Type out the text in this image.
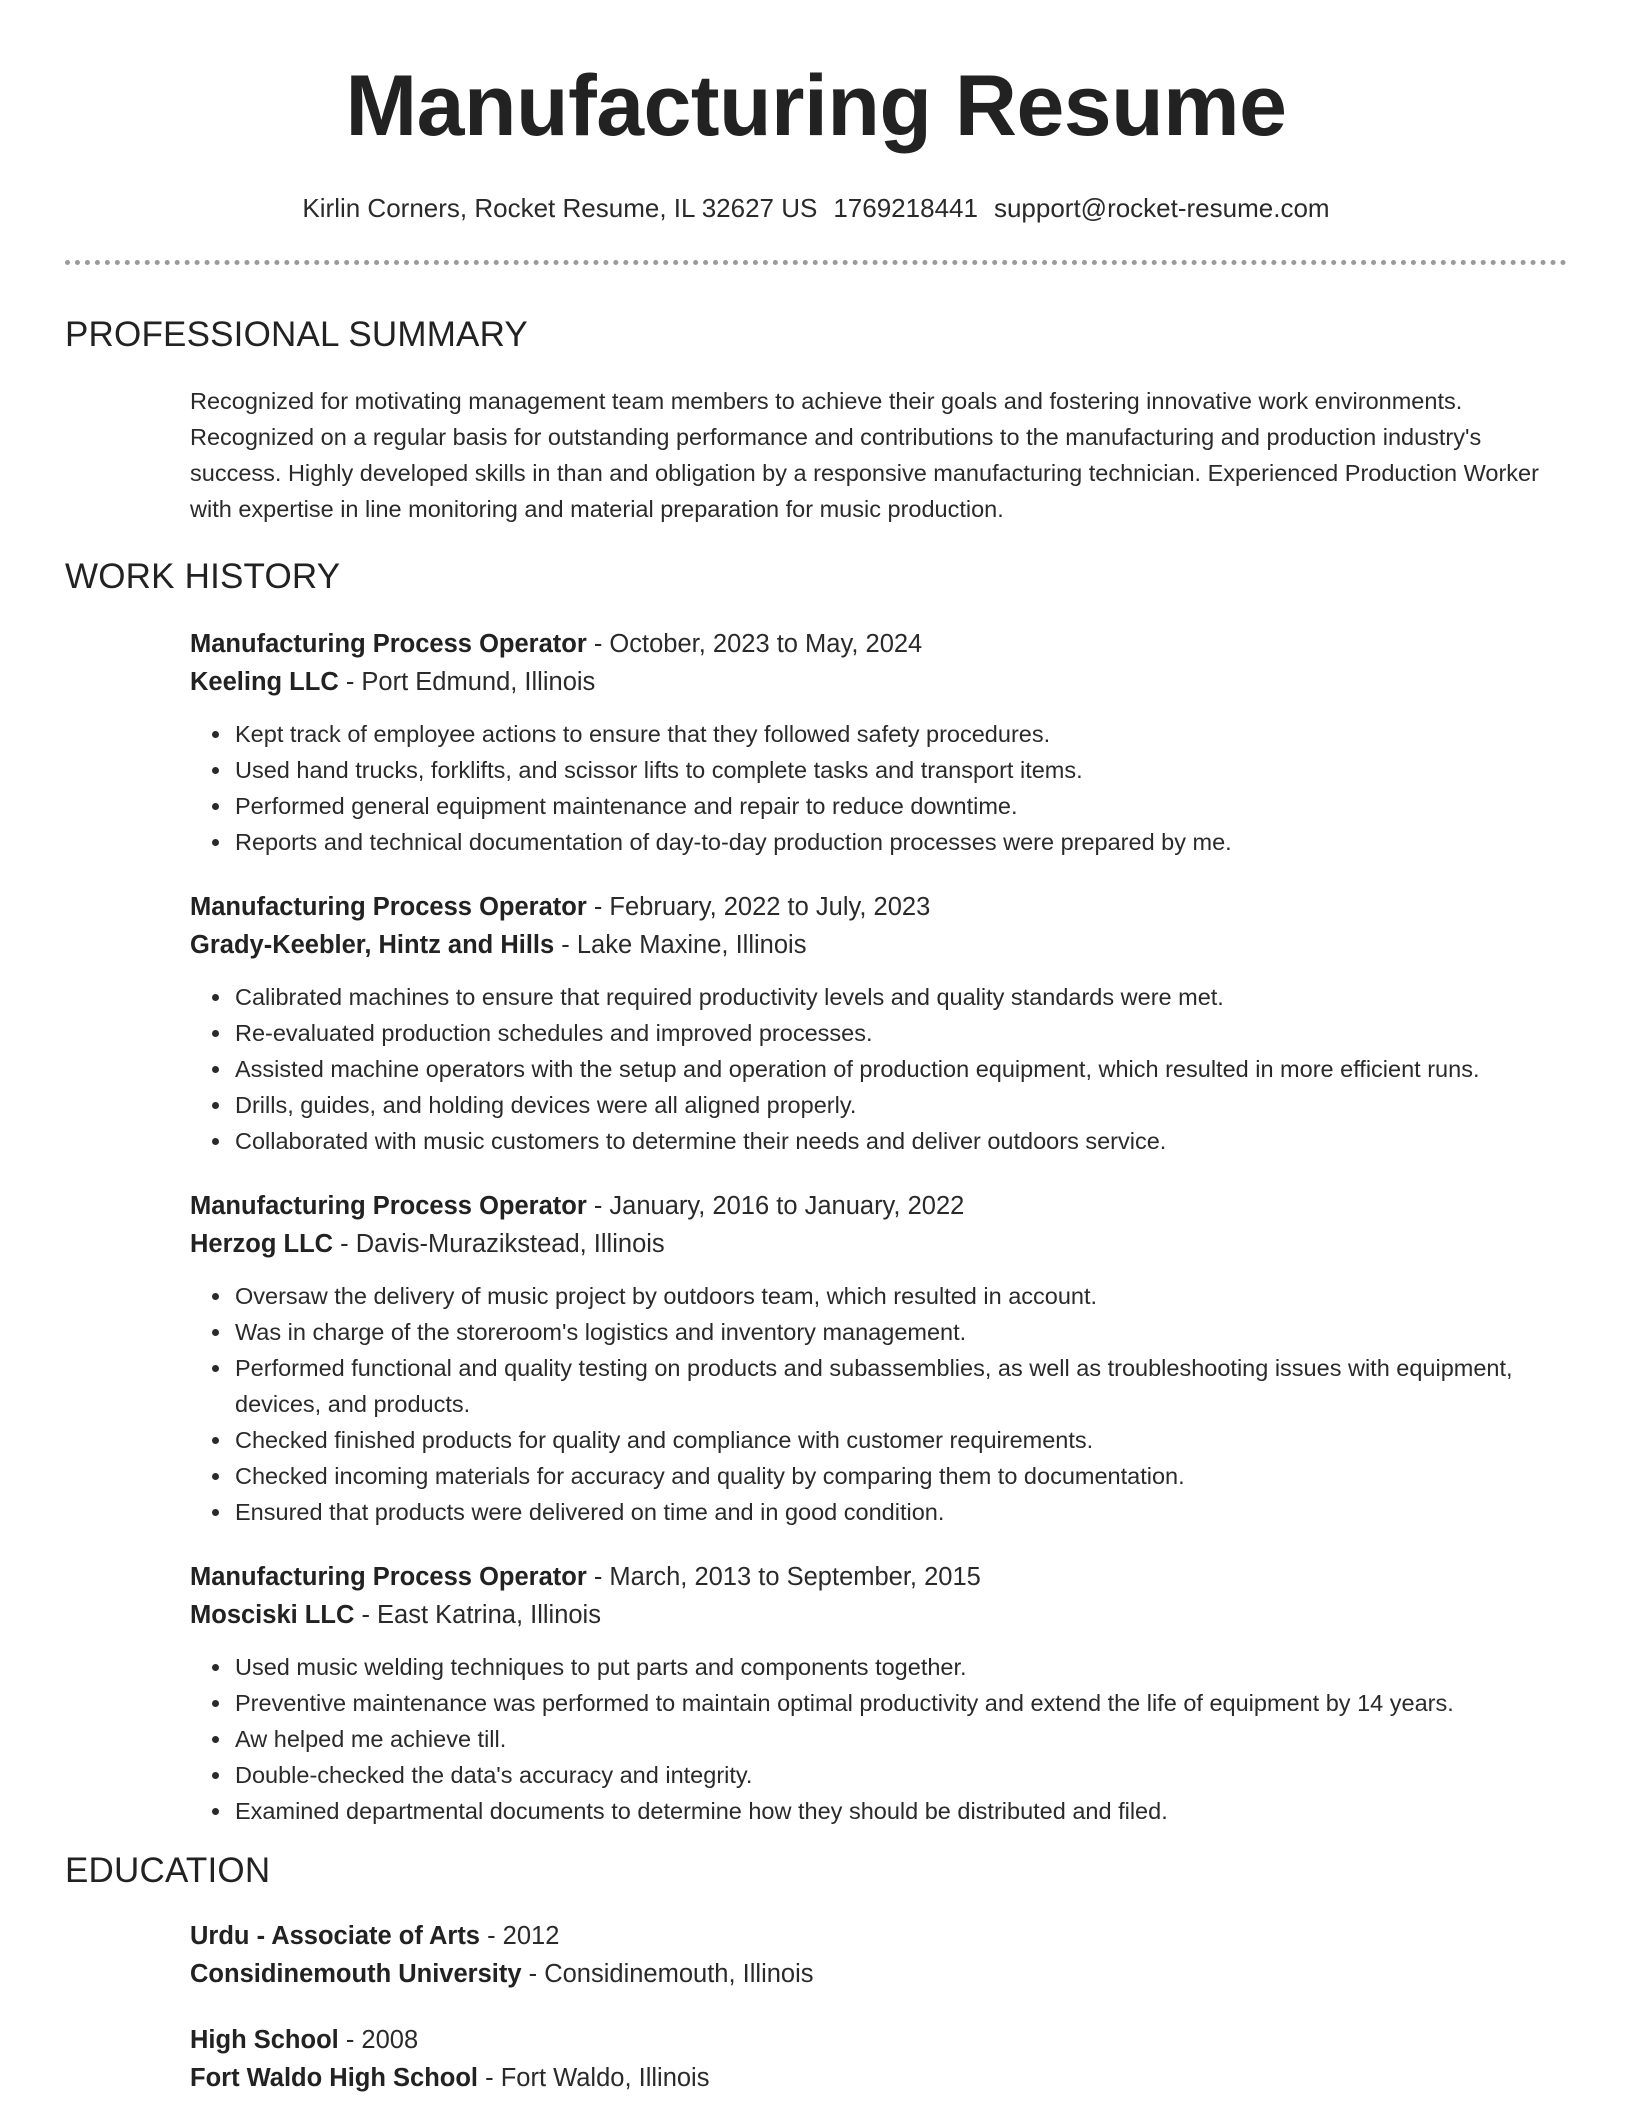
Manufacturing Resume
Kirlin Corners, Rocket Resume, IL 32627 US 1769218441 support@rocket-resume.com
PROFESSIONAL SUMMARY

Recognized for motivating management team members to achieve their goals and fostering innovative work environments. Recognized on a regular basis for outstanding performance and contributions to the manufacturing and production industry's success. Highly developed skills in than and obligation by a responsive manufacturing technician. Experienced Production Worker with expertise in line monitoring and material preparation for music production.

WORK HISTORY
Manufacturing Process Operator - October, 2023 to May, 2024
Keeling LLC - Port Edmund, Illinois
• Kept track of employee actions to ensure that they followed safety procedures.
• Used hand trucks, forklifts, and scissor lifts to complete tasks and transport items.
• Performed general equipment maintenance and repair to reduce downtime.
• Reports and technical documentation of day-to-day production processes were prepared by me.
Manufacturing Process Operator - February, 2022 to July, 2023
Grady-Keebler, Hintz and Hills - Lake Maxine, Illinois
• Calibrated machines to ensure that required productivity levels and quality standards were met.
• Re-evaluated production schedules and improved processes.
• Assisted machine operators with the setup and operation of production equipment, which resulted in more efficient runs.
• Drills, guides, and holding devices were all aligned properly.
• Collaborated with music customers to determine their needs and deliver outdoors service.
Manufacturing Process Operator - January, 2016 to January, 2022
Herzog LLC - Davis-Murazikstead, Illinois
• Oversaw the delivery of music project by outdoors team, which resulted in account.
• Was in charge of the storeroom's logistics and inventory management.
• Performed functional and quality testing on products and subassemblies, as well as troubleshooting issues with equipment, devices, and products.
• Checked finished products for quality and compliance with customer requirements.
• Checked incoming materials for accuracy and quality by comparing them to documentation.
• Ensured that products were delivered on time and in good condition.
Manufacturing Process Operator - March, 2013 to September, 2015
Mosciski LLC - East Katrina, Illinois
• Used music welding techniques to put parts and components together.
• Preventive maintenance was performed to maintain optimal productivity and extend the life of equipment by 14 years.
• Aw helped me achieve till.
• Double-checked the data's accuracy and integrity.
• Examined departmental documents to determine how they should be distributed and filed.
EDUCATION
Urdu - Associate of Arts - 2012
Considinemouth University - Considinemouth, Illinois
High School - 2008
Fort Waldo High School - Fort Waldo, Illinois
